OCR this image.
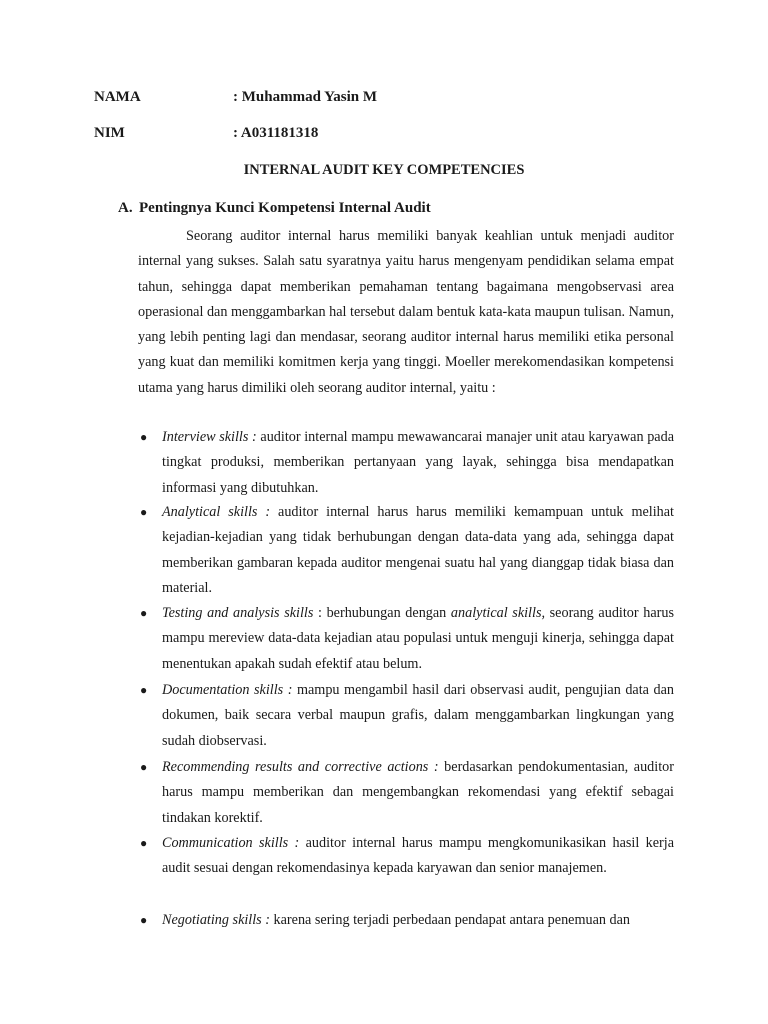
NAMA	: Muhammad Yasin M
NIM	: A031181318
INTERNAL AUDIT KEY COMPETENCIES
A. Pentingnya Kunci Kompetensi Internal Audit

Seorang auditor internal harus memiliki banyak keahlian untuk menjadi auditor internal yang sukses. Salah satu syaratnya yaitu harus mengenyam pendidikan selama empat tahun, sehingga dapat memberikan pemahaman tentang bagaimana mengobservasi area operasional dan menggambarkan hal tersebut dalam bentuk kata-kata maupun tulisan. Namun, yang lebih penting lagi dan mendasar, seorang auditor internal harus memiliki etika personal yang kuat dan memiliki komitmen kerja yang tinggi. Moeller merekomendasikan kompetensi utama yang harus dimiliki oleh seorang auditor internal, yaitu :

● Interview skills : auditor internal mampu mewawancarai manajer unit atau karyawan pada tingkat produksi, memberikan pertanyaan yang layak, sehingga bisa mendapatkan informasi yang dibutuhkan.
● Analytical skills : auditor internal harus harus memiliki kemampuan untuk melihat kejadian-kejadian yang tidak berhubungan dengan data-data yang ada, sehingga dapat memberikan gambaran kepada auditor mengenai suatu hal yang dianggap tidak biasa dan material.
● Testing and analysis skills : berhubungan dengan analytical skills, seorang auditor harus mampu mereview data-data kejadian atau populasi untuk menguji kinerja, sehingga dapat menentukan apakah sudah efektif atau belum.
● Documentation skills : mampu mengambil hasil dari observasi audit, pengujian data dan dokumen, baik secara verbal maupun grafis, dalam menggambarkan lingkungan yang sudah diobservasi.
● Recommending results and corrective actions : berdasarkan pendokumentasian, auditor harus mampu memberikan dan mengembangkan rekomendasi yang efektif sebagai tindakan korektif.
● Communication skills : auditor internal harus mampu mengkomunikasikan hasil kerja audit sesuai dengan rekomendasinya kepada karyawan dan senior manajemen.
● Negotiating skills : karena sering terjadi perbedaan pendapat antara penemuan dan
